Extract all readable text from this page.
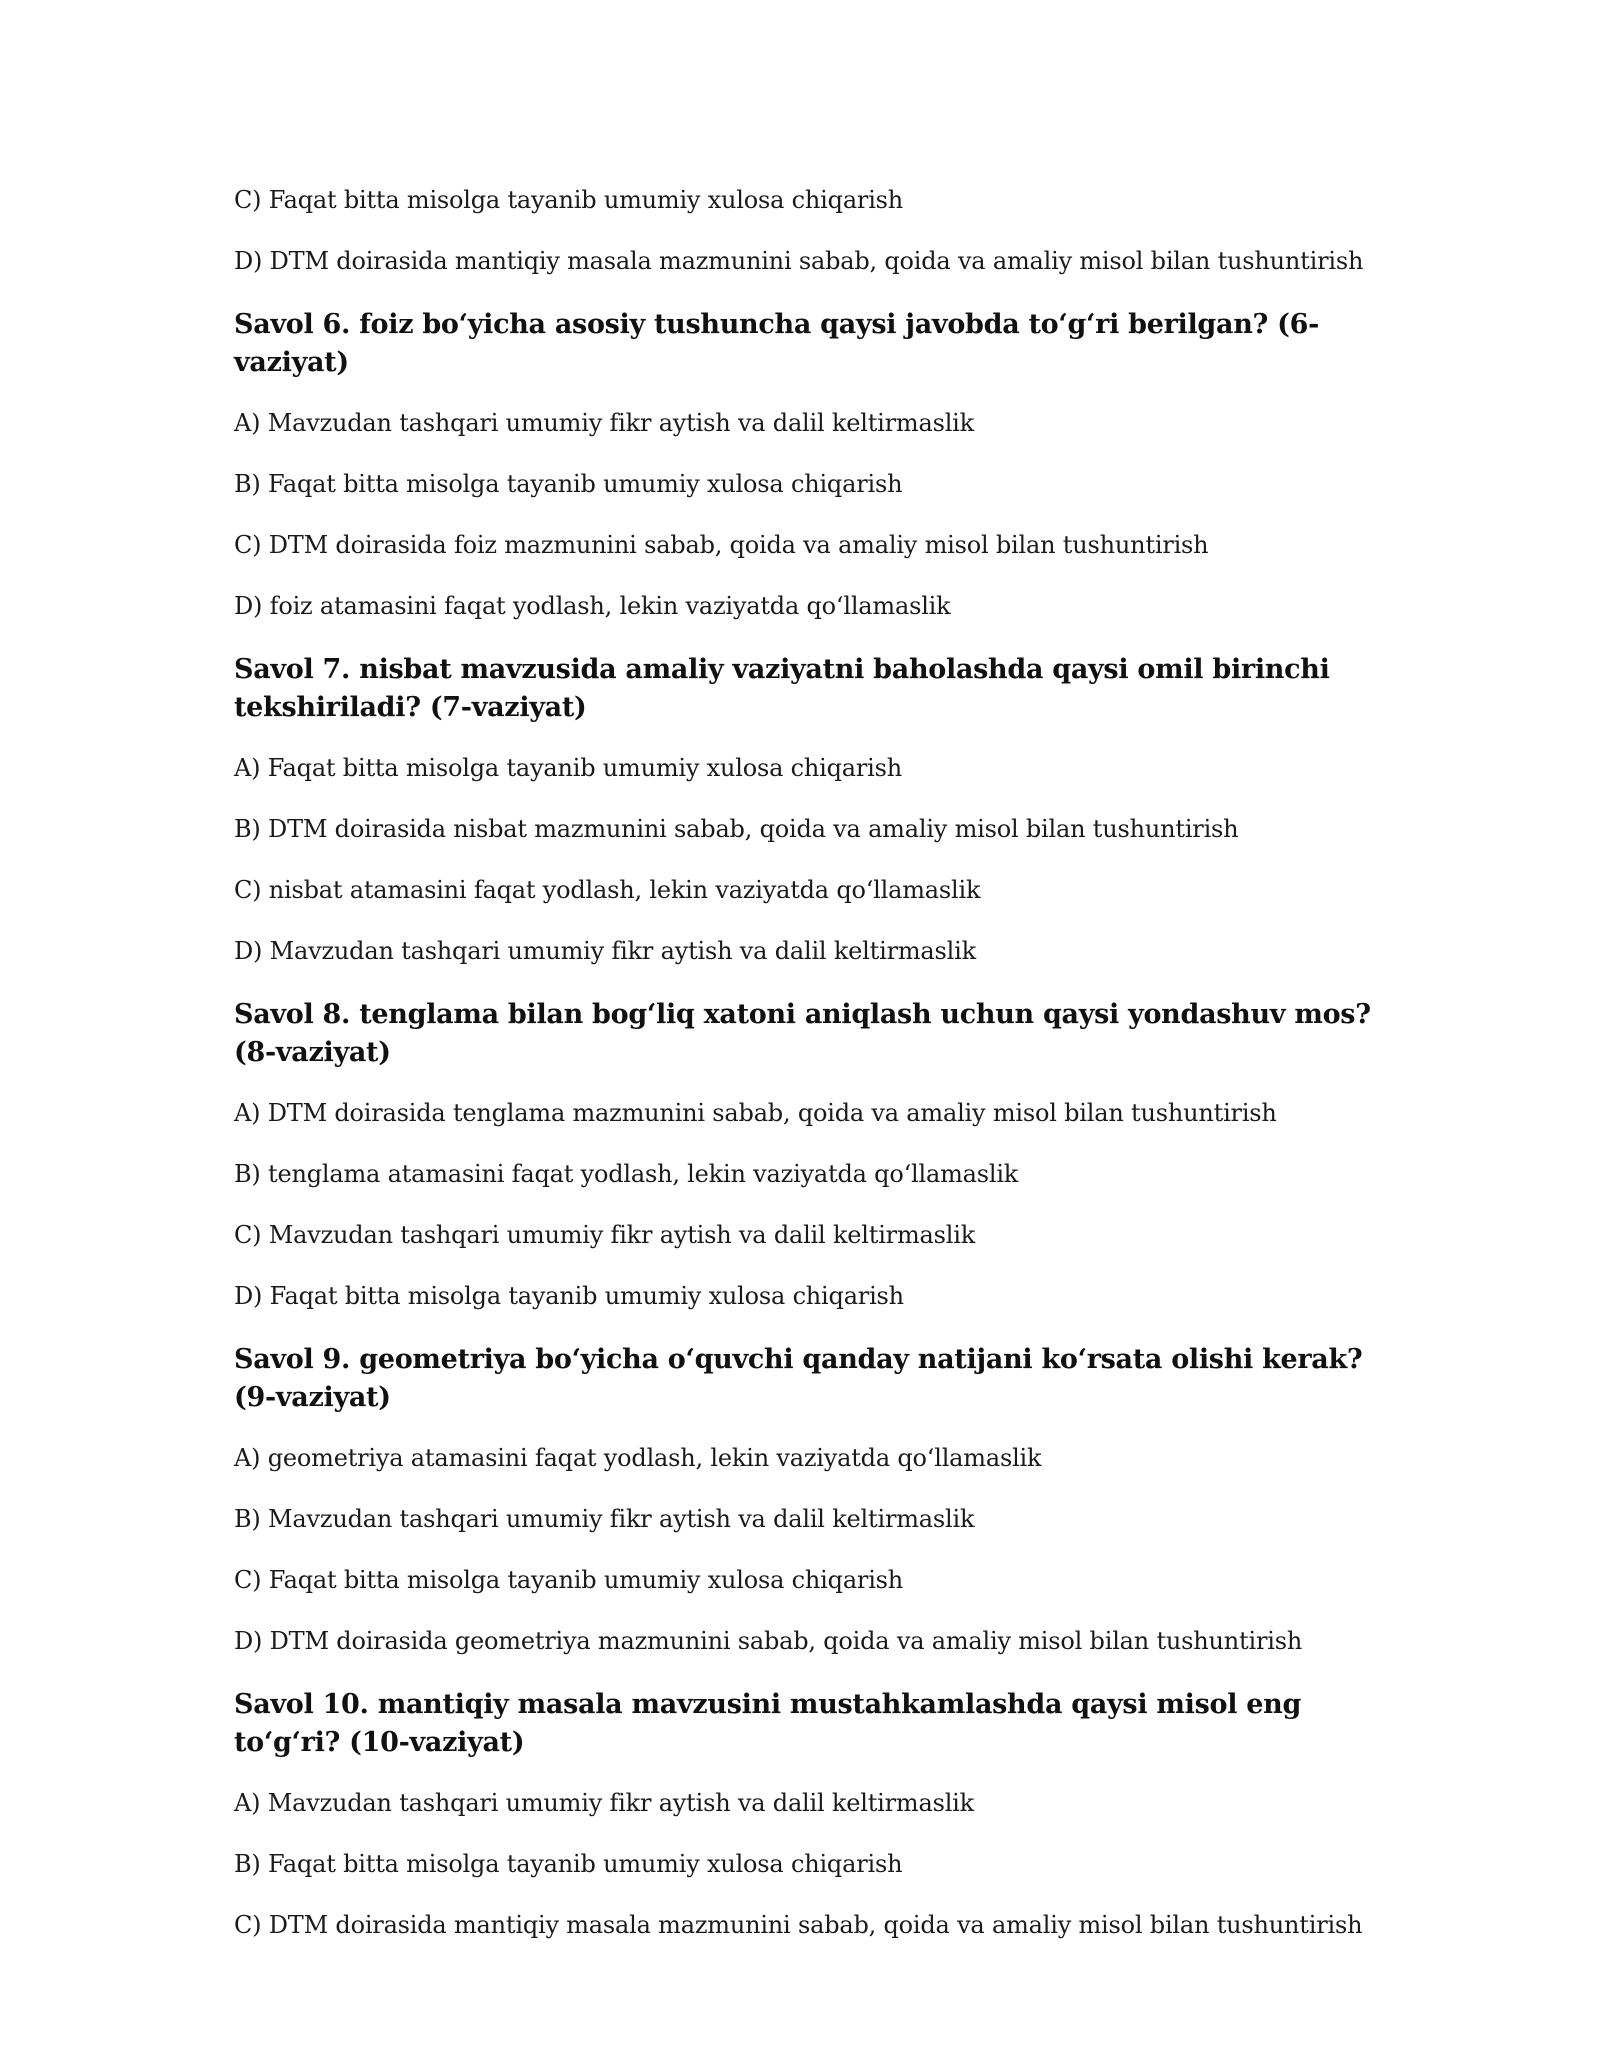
C) Faqat bitta misolga tayanib umumiy xulosa chiqarish

D) DTM doirasida mantiqiy masala mazmunini sabab, qoida va amaliy misol bilan tushuntirish

Savol 6. foiz bo‘yicha asosiy tushuncha qaysi javobda to‘g‘ri berilgan? (6-vaziyat)

A) Mavzudan tashqari umumiy fikr aytish va dalil keltirmaslik

B) Faqat bitta misolga tayanib umumiy xulosa chiqarish

C) DTM doirasida foiz mazmunini sabab, qoida va amaliy misol bilan tushuntirish

D) foiz atamasini faqat yodlash, lekin vaziyatda qo‘llamaslik

Savol 7. nisbat mavzusida amaliy vaziyatni baholashda qaysi omil birinchi tekshiriladi? (7-vaziyat)

A) Faqat bitta misolga tayanib umumiy xulosa chiqarish

B) DTM doirasida nisbat mazmunini sabab, qoida va amaliy misol bilan tushuntirish

C) nisbat atamasini faqat yodlash, lekin vaziyatda qo‘llamaslik

D) Mavzudan tashqari umumiy fikr aytish va dalil keltirmaslik

Savol 8. tenglama bilan bog‘liq xatoni aniqlash uchun qaysi yondashuv mos? (8-vaziyat)

A) DTM doirasida tenglama mazmunini sabab, qoida va amaliy misol bilan tushuntirish

B) tenglama atamasini faqat yodlash, lekin vaziyatda qo‘llamaslik

C) Mavzudan tashqari umumiy fikr aytish va dalil keltirmaslik

D) Faqat bitta misolga tayanib umumiy xulosa chiqarish

Savol 9. geometriya bo‘yicha o‘quvchi qanday natijani ko‘rsata olishi kerak? (9-vaziyat)

A) geometriya atamasini faqat yodlash, lekin vaziyatda qo‘llamaslik

B) Mavzudan tashqari umumiy fikr aytish va dalil keltirmaslik

C) Faqat bitta misolga tayanib umumiy xulosa chiqarish

D) DTM doirasida geometriya mazmunini sabab, qoida va amaliy misol bilan tushuntirish

Savol 10. mantiqiy masala mavzusini mustahkamlashda qaysi misol eng to‘g‘ri? (10-vaziyat)

A) Mavzudan tashqari umumiy fikr aytish va dalil keltirmaslik

B) Faqat bitta misolga tayanib umumiy xulosa chiqarish

C) DTM doirasida mantiqiy masala mazmunini sabab, qoida va amaliy misol bilan tushuntirish
